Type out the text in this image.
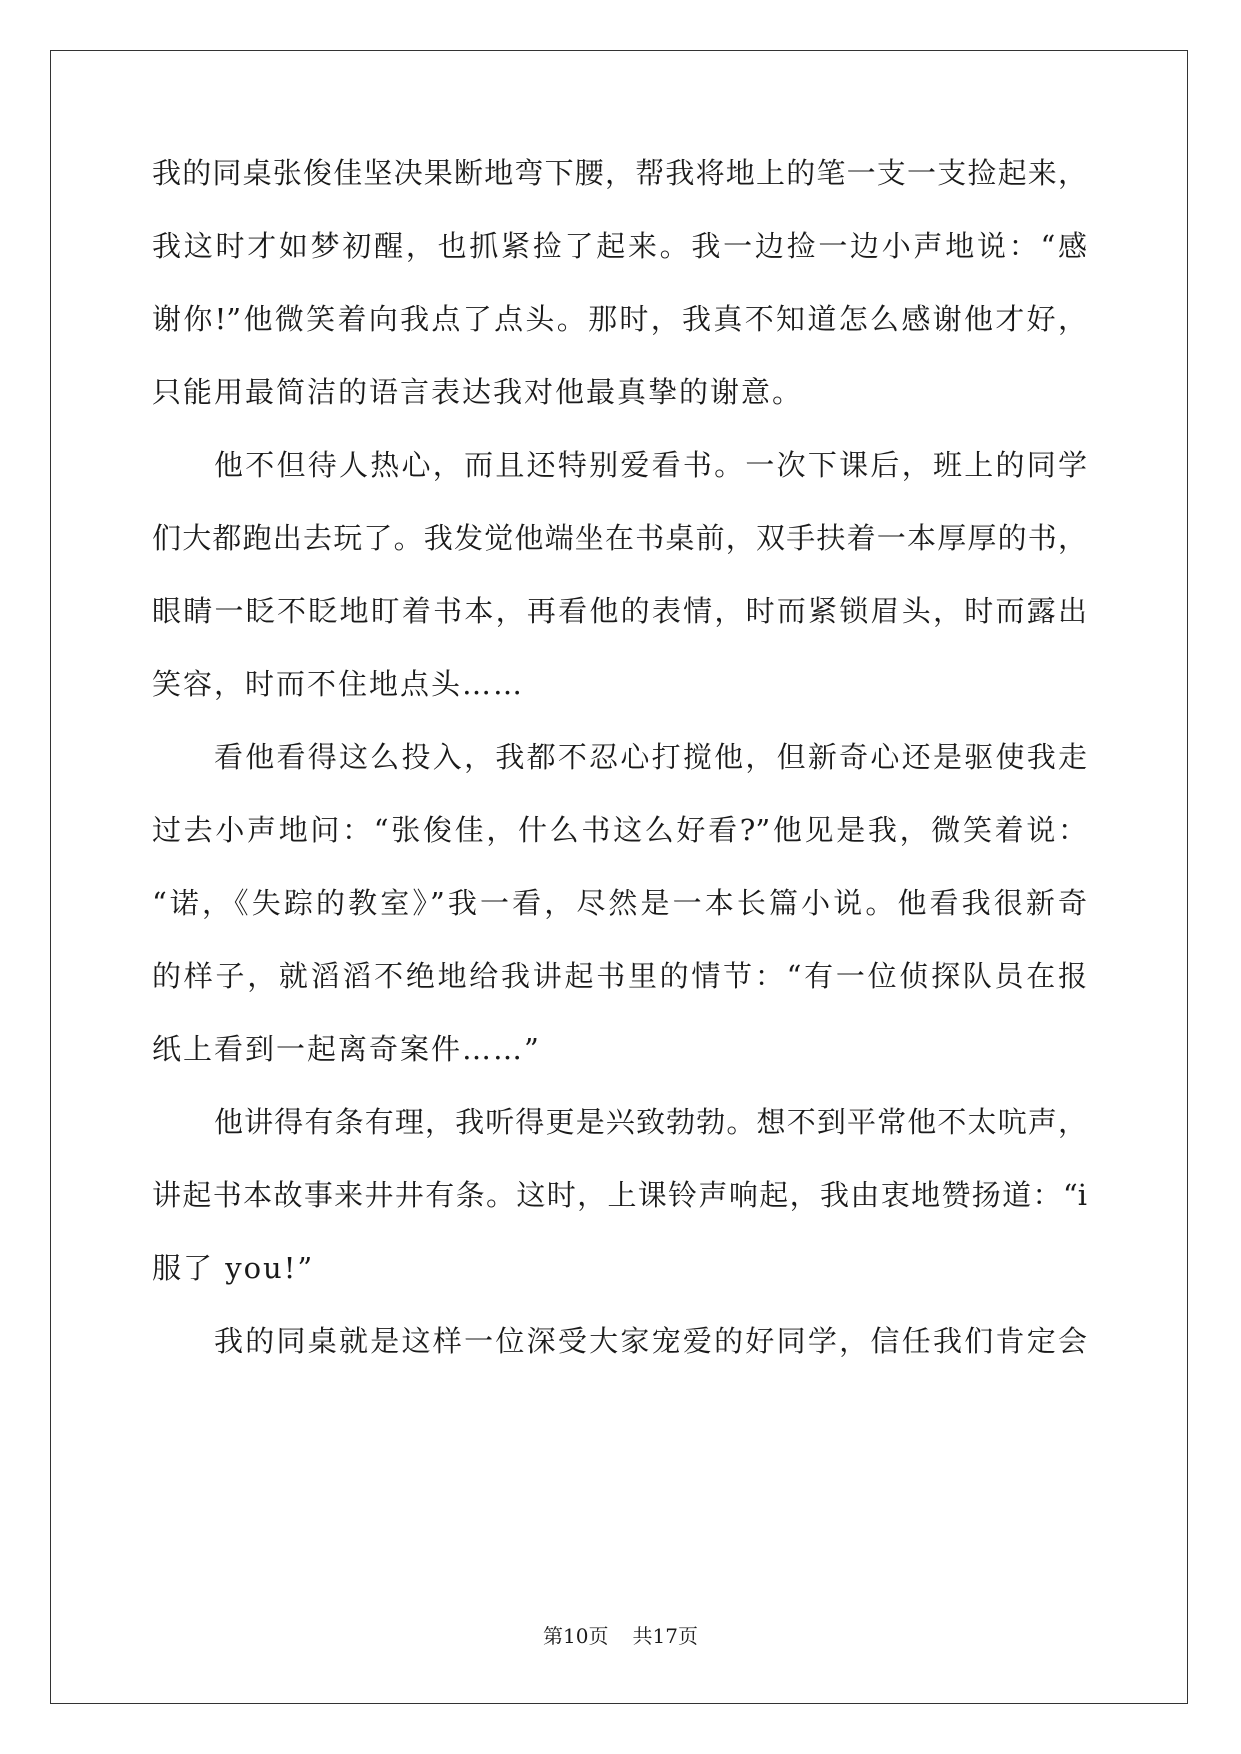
我的同桌张俊佳坚决果断地弯下腰，帮我将地上的笔一支一支捡起来，
我这时才如梦初醒，也抓紧捡了起来。我一边捡一边小声地说：“感
谢你!”他微笑着向我点了点头。那时，我真不知道怎么感谢他才好，
只能用最简洁的语言表达我对他最真挚的谢意。
他不但待人热心，而且还特别爱看书。一次下课后，班上的同学
们大都跑出去玩了。我发觉他端坐在书桌前，双手扶着一本厚厚的书，
眼睛一眨不眨地盯着书本，再看他的表情，时而紧锁眉头，时而露出
笑容，时而不住地点头……
看他看得这么投入，我都不忍心打搅他，但新奇心还是驱使我走
过去小声地问：“张俊佳，什么书这么好看?”他见是我，微笑着说：
“诺，《失踪的教室》”我一看，尽然是一本长篇小说。他看我很新奇
的样子，就滔滔不绝地给我讲起书里的情节：“有一位侦探队员在报
纸上看到一起离奇案件……”
他讲得有条有理，我听得更是兴致勃勃。想不到平常他不太吭声，
讲起书本故事来井井有条。这时，上课铃声响起，我由衷地赞扬道：“i
服了 you!”
我的同桌就是这样一位深受大家宠爱的好同学，信任我们肯定会
第10页 共17页
